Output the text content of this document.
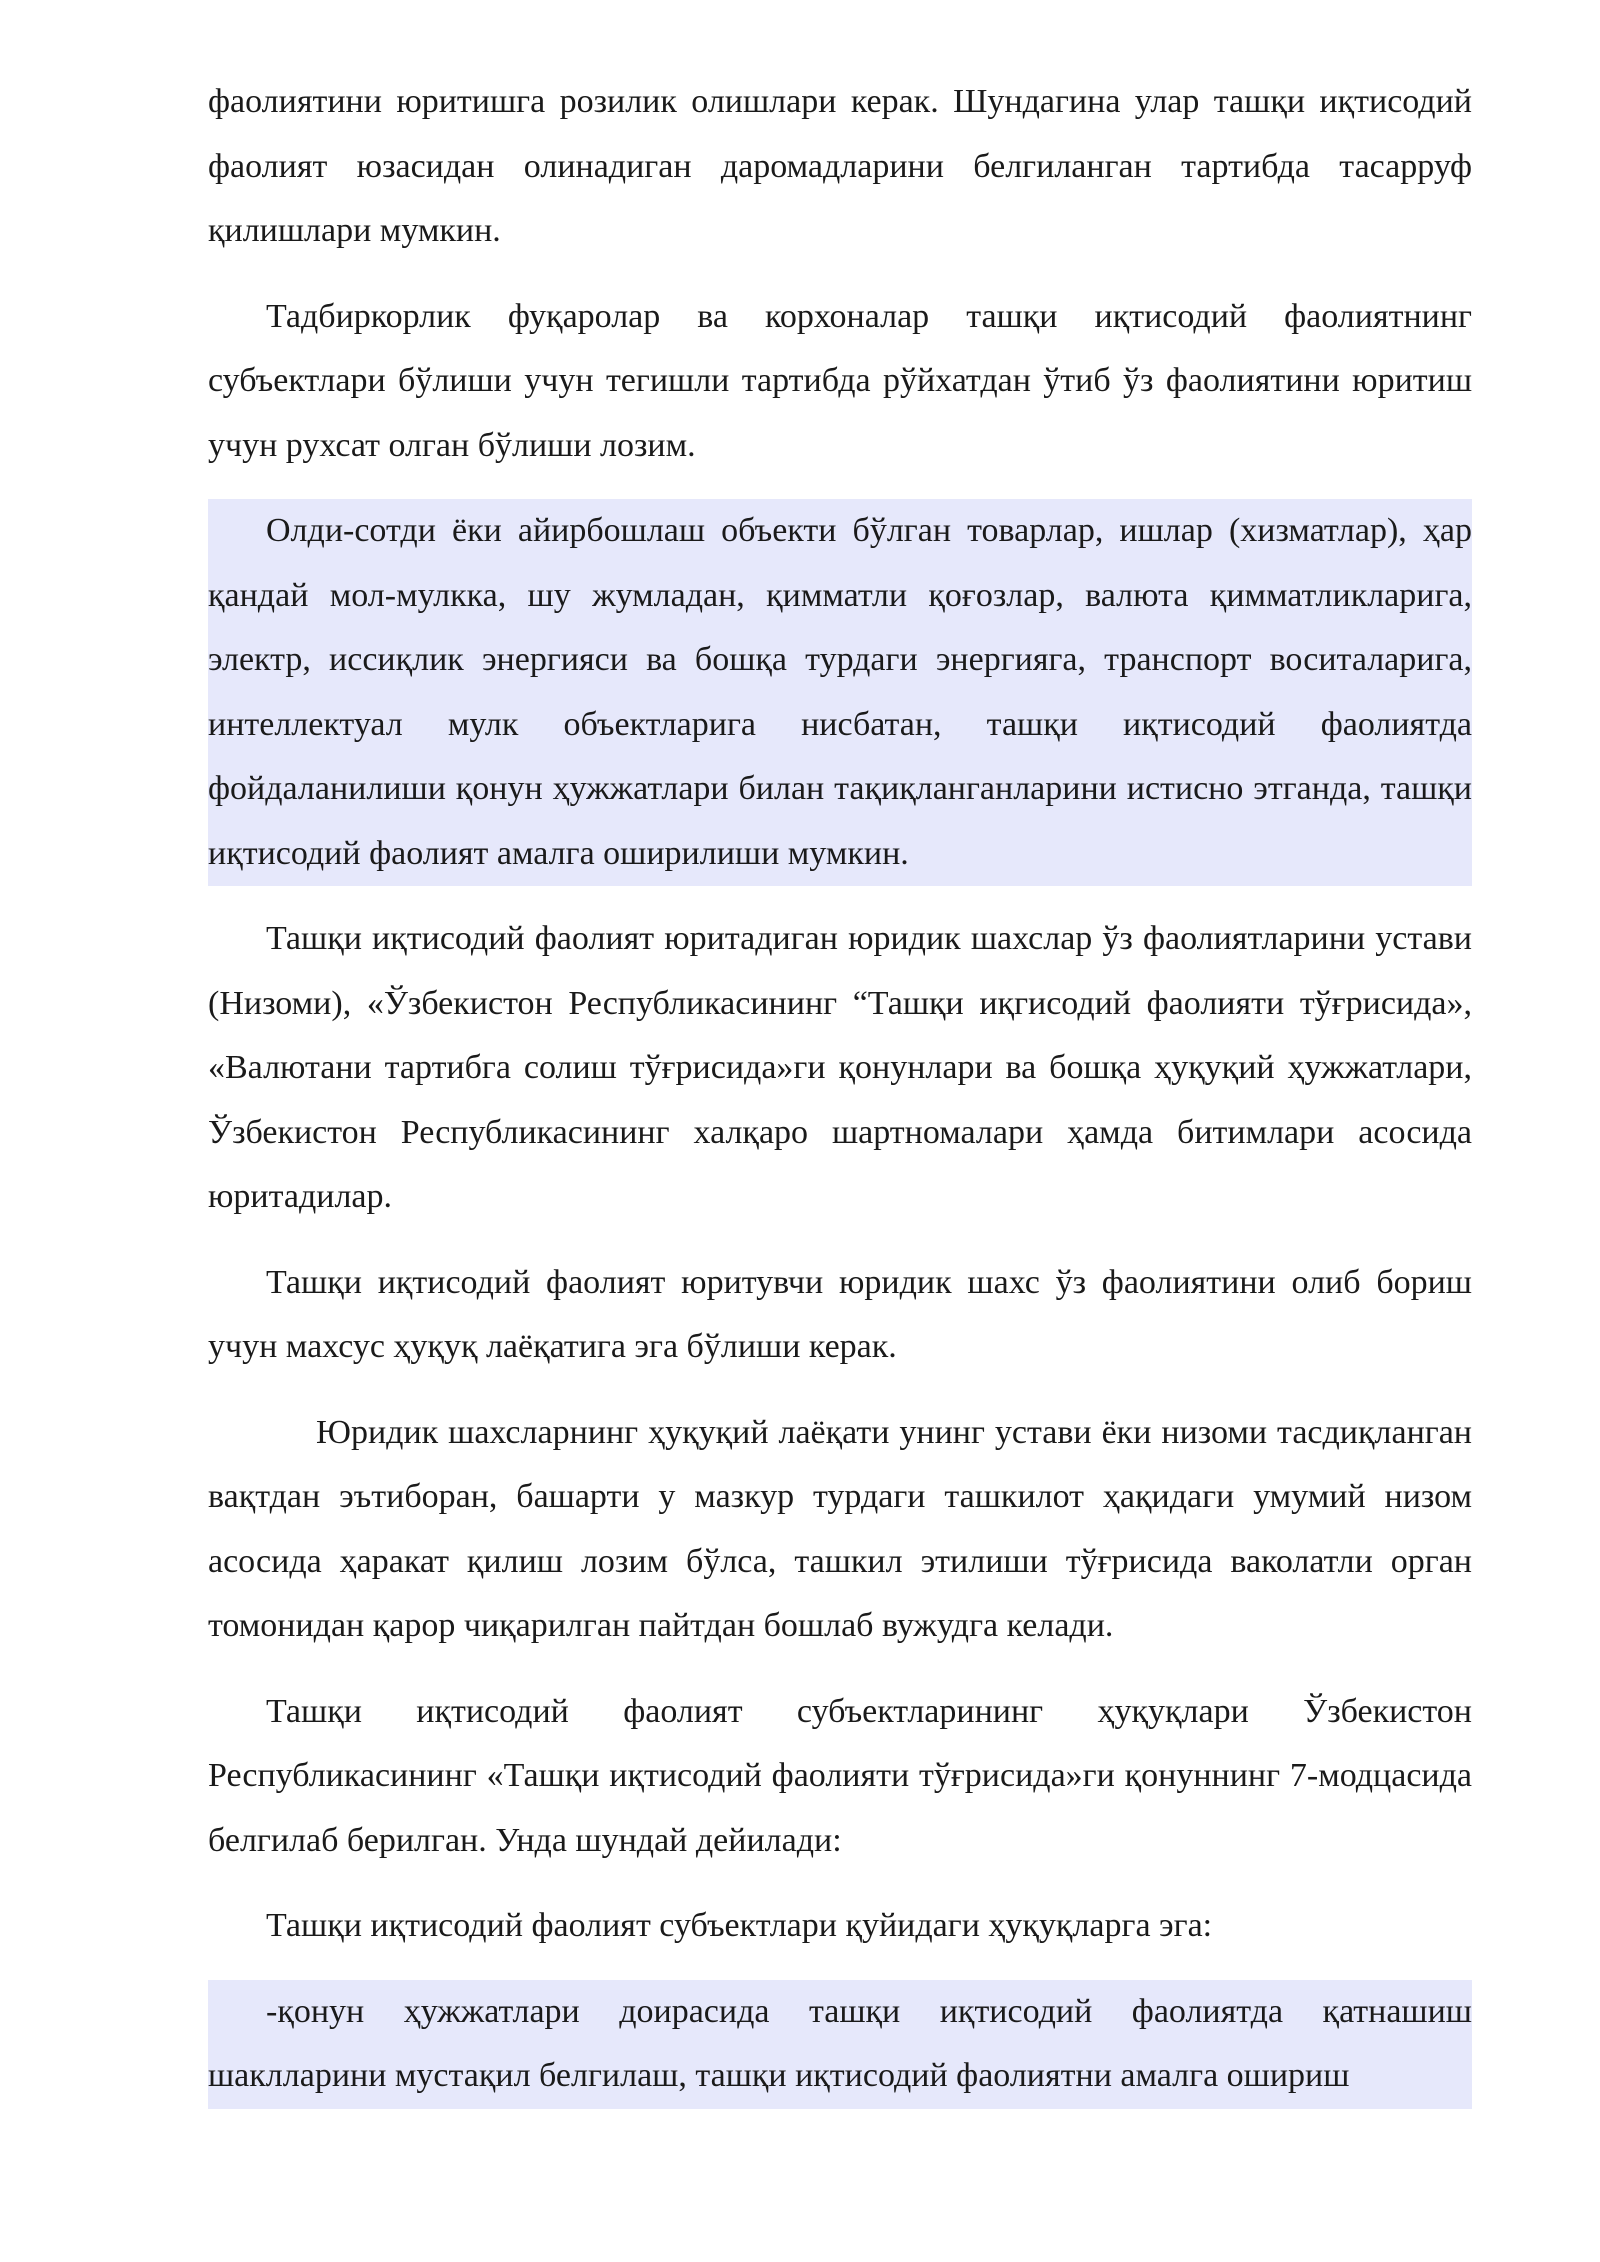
фаолиятини юритишга розилик олишлари керак. Шундагина улар ташқи иқтисодий фаолият юзасидан олинадиган даромадларини белгиланган тартибда тасарруф қилишлари мумкин.

Тадбиркорлик фуқаролар ва корхоналар ташқи иқтисодий фаолиятнинг субъектлари бўлиши учун тегишли тартибда рўйхатдан ўтиб ўз фаолиятини юритиш учун рухсат олган бўлиши лозим.

Олди-сотди ёки айирбошлаш объекти бўлган товарлар, ишлар (хизматлар), ҳар қандай мол-мулкка, шу жумладан, қимматли қоғозлар, валюта қимматликларига, электр, иссиқлик энергияси ва бошқа турдаги энергияга, транспорт воситаларига, интеллектуал мулк объектларига нисбатан, ташқи иқтисодий фаолиятда фойдаланилиши қонун ҳужжатлари билан тақиқланганларини истисно этганда, ташқи иқтисодий фаолият амалга оширилиши мумкин.

Ташқи иқтисодий фаолият юритадиган юридик шахслар ўз фаолиятларини устави (Низоми), «Ўзбекистон Республикасининг “Ташқи иқгисодий фаолияти тўғрисида», «Валютани тартибга солиш тўғрисида»ги қонунлари ва бошқа ҳуқуқий ҳужжатлари, Ўзбекистон Республикасининг халқаро шартномалари ҳамда битимлари асосида юритадилар.

Ташқи иқтисодий фаолият юритувчи юридик шахс ўз фаолиятини олиб бориш учун махсус ҳуқуқ лаёқатига эга бўлиши керак.

Юридик шахсларнинг ҳуқуқий лаёқати унинг устави ёки низоми тасдиқланган вақтдан эътиборан, башарти у мазкур турдаги ташкилот ҳақидаги умумий низом асосида ҳаракат қилиш лозим бўлса, ташкил этилиши тўғрисида ваколатли орган томонидан қарор чиқарилган пайтдан бошлаб вужудга келади.

Ташқи иқтисодий фаолият субъектларининг ҳуқуқлари Ўзбекистон Республикасининг «Ташқи иқтисодий фаолияти тўғрисида»ги қонуннинг 7-модцасида белгилаб берилган. Унда шундай дейилади:

Ташқи иқтисодий фаолият субъектлари қуйидаги ҳуқуқларга эга:

-қонун ҳужжатлари доирасида ташқи иқтисодий фаолиятда қатнашиш шаклларини мустақил белгилаш, ташқи иқтисодий фаолиятни амалга ошириш
